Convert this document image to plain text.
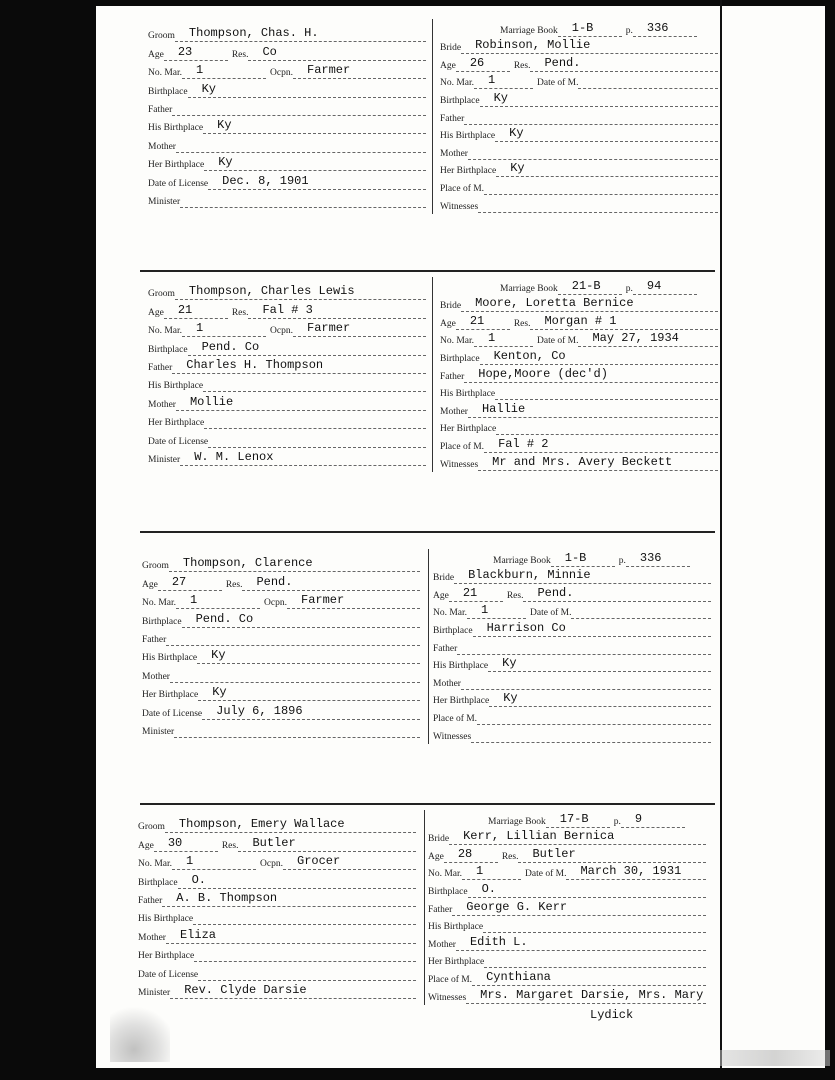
Groom	Thompson, Chas. H.
Age	23	Res.	Co
No. Mar.	1	Ocpn.	Farmer
Birthplace	Ky
Father
His Birthplace	Ky
Mother
Her Birthplace	Ky
Date of License	Dec. 8, 1901
Minister
Marriage Book	1-B	p.	336
Bride	Robinson, Mollie
Age	26	Res.	Pend.
No. Mar.	1	Date of M.
Birthplace	Ky
Father
His Birthplace	Ky
Mother
Her Birthplace	Ky
Place of M.
Witnesses
Groom	Thompson, Charles Lewis
Age	21	Res.	Fal # 3
No. Mar.	1	Ocpn.	Farmer
Birthplace	Pend. Co
Father	Charles H. Thompson
His Birthplace
Mother	Mollie
Her Birthplace
Date of License
Minister	W. M. Lenox
Marriage Book	21-B	p.	94
Bride	Moore, Loretta Bernice
Age	21	Res.	Morgan # 1
No. Mar.	1	Date of M.	May 27, 1934
Birthplace	Kenton, Co
Father	Hope,Moore (dec'd)
His Birthplace
Mother	Hallie
Her Birthplace
Place of M.	Fal # 2
Witnesses	Mr and Mrs. Avery Beckett
Groom	Thompson, Clarence
Age	27	Res.	Pend.
No. Mar.	1	Ocpn.	Farmer
Birthplace	Pend. Co
Father
His Birthplace	Ky
Mother
Her Birthplace	Ky
Date of License	July 6, 1896
Minister
Marriage Book	1-B	p.	336
Bride	Blackburn, Minnie
Age	21	Res.	Pend.
No. Mar.	1	Date of M.
Birthplace	Harrison Co
Father
His Birthplace	Ky
Mother
Her Birthplace	Ky
Place of M.
Witnesses
Groom	Thompson, Emery Wallace
Age	30	Res.	Butler
No. Mar.	1	Ocpn.	Grocer
Birthplace	O.
Father	A. B. Thompson
His Birthplace
Mother	Eliza
Her Birthplace
Date of License
Minister	Rev. Clyde Darsie
Marriage Book	17-B	p.	9
Bride	Kerr, Lillian Bernica
Age	28	Res.	Butler
No. Mar.	1	Date of M.	March 30, 1931
Birthplace	O.
Father	George G. Kerr
His Birthplace
Mother	Edith L.
Her Birthplace
Place of M.	Cynthiana
Witnesses	Mrs. Margaret Darsie, Mrs. Mary
Lydick
